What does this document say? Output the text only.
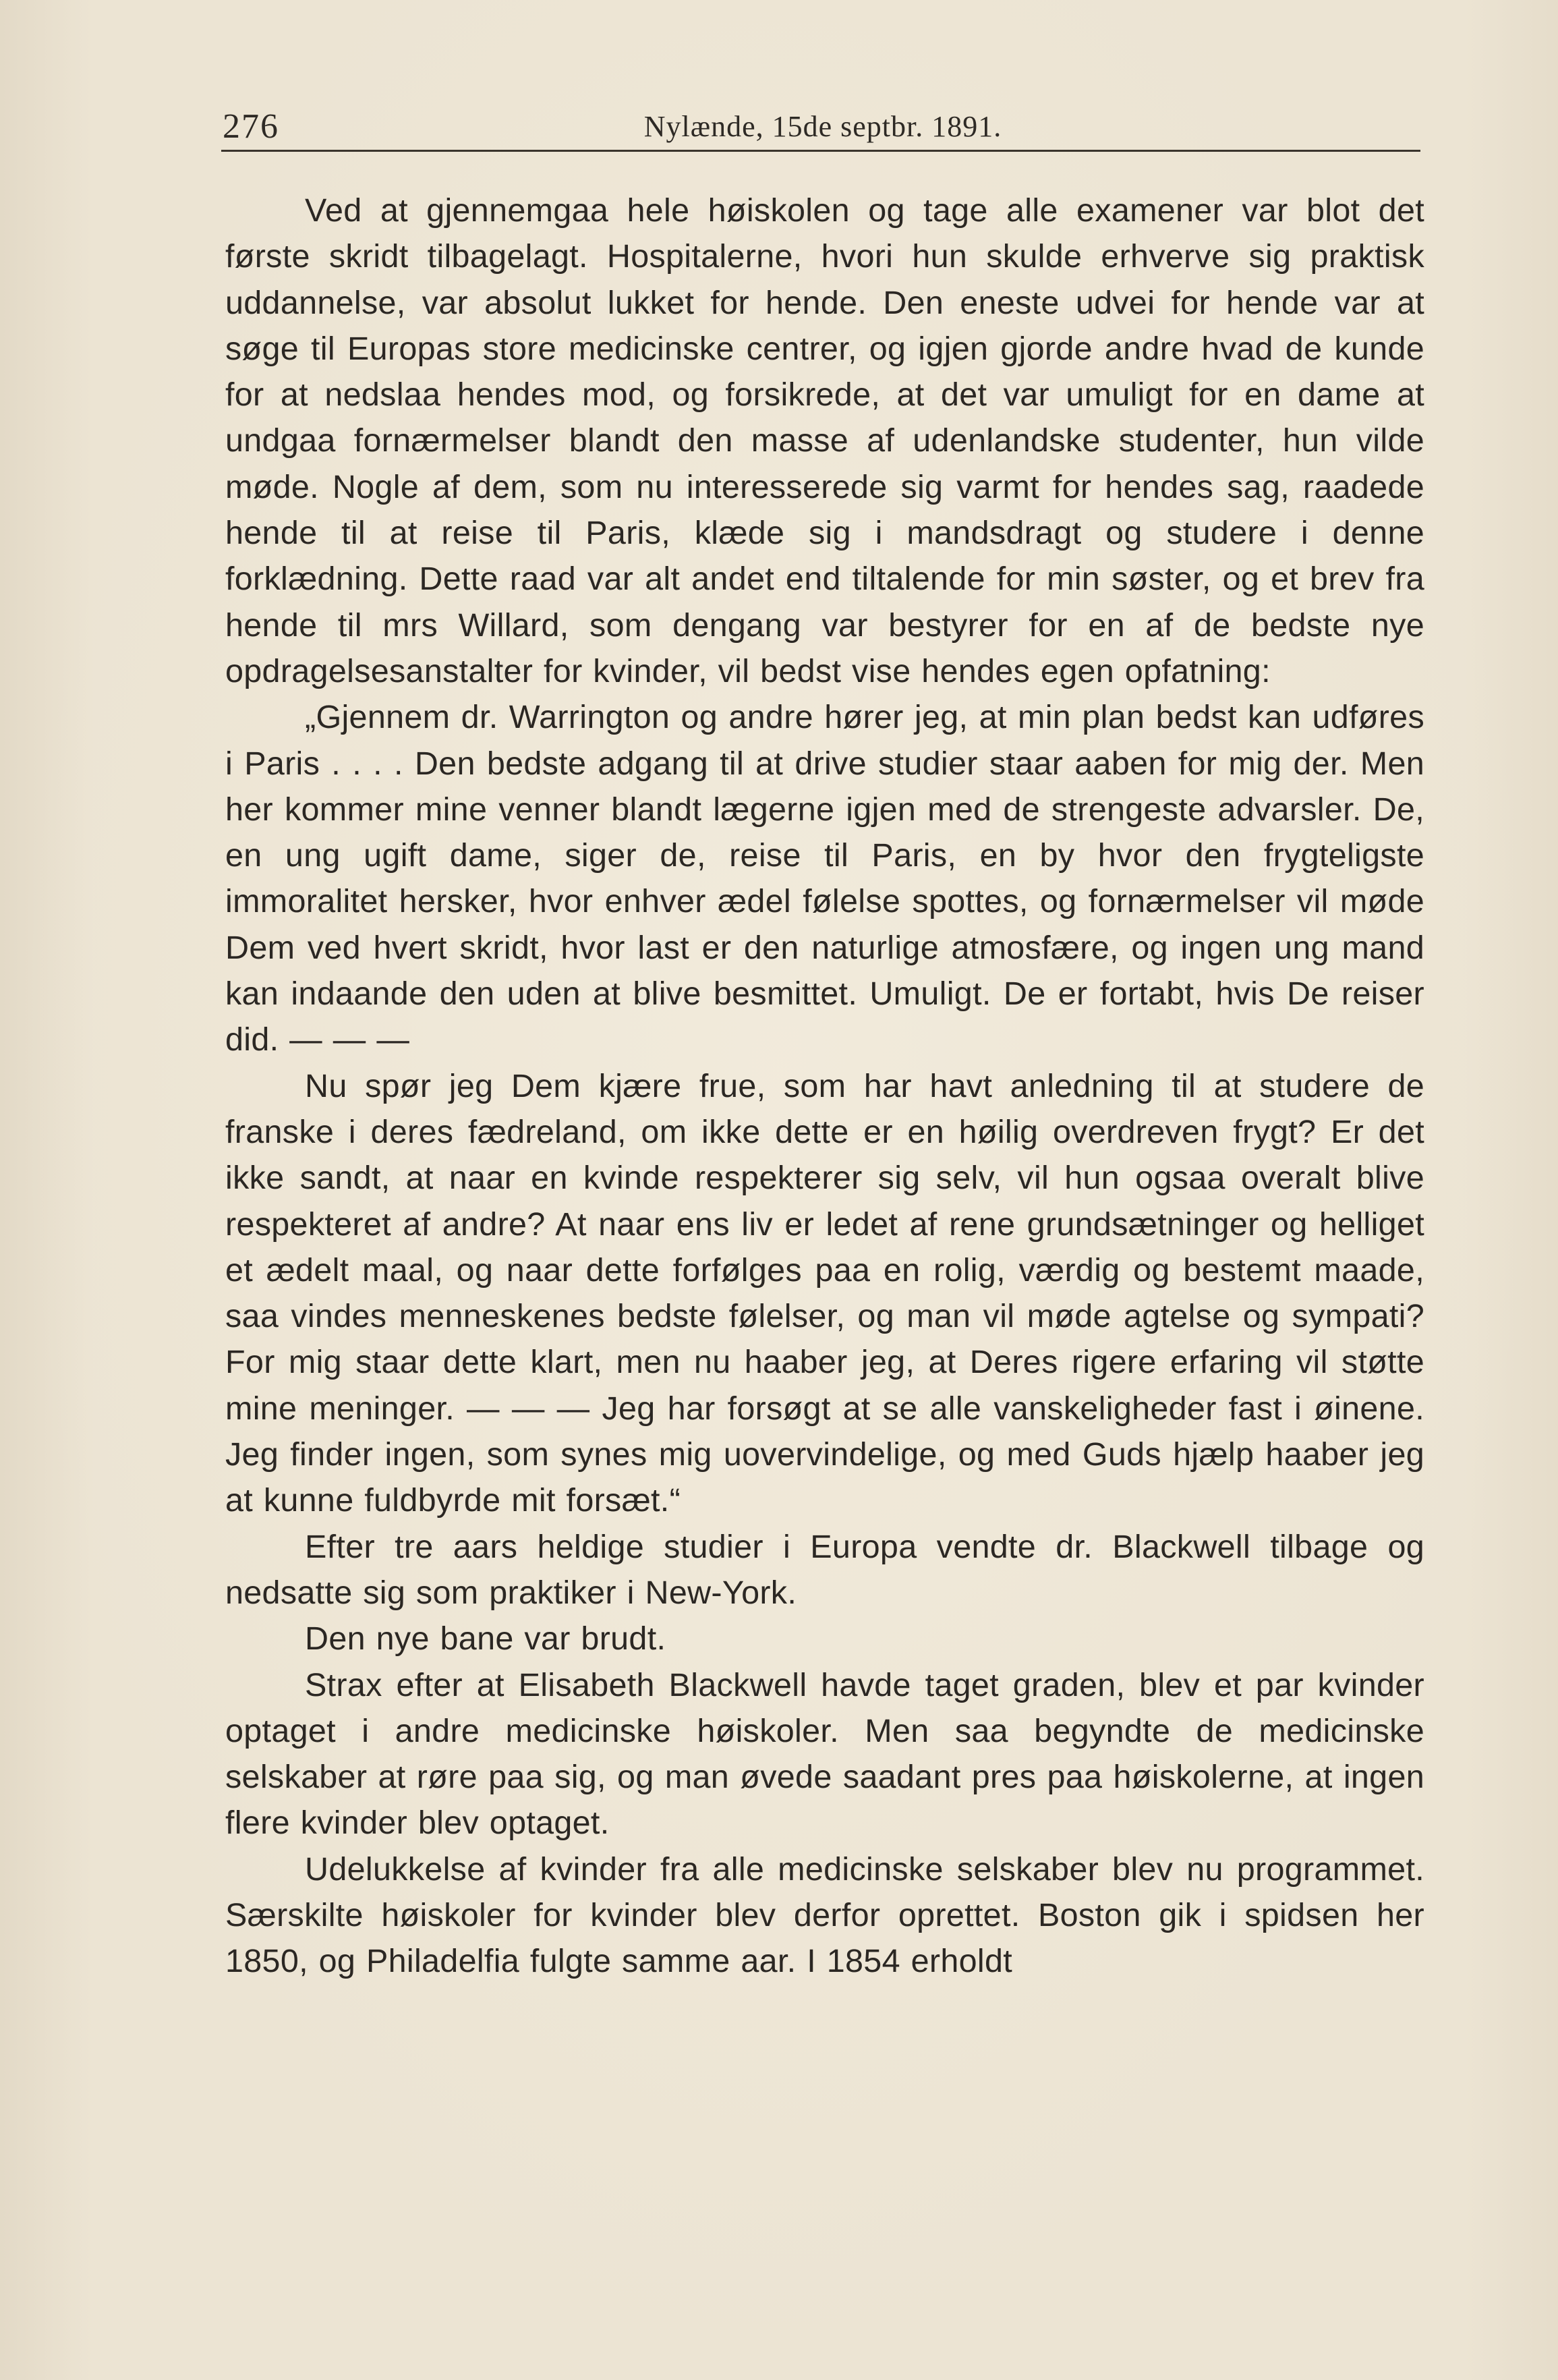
276	Nylænde, 15de septbr. 1891.

Ved at gjennemgaa hele høiskolen og tage alle examener var blot det første skridt tilbagelagt. Hospitalerne, hvori hun skulde erhverve sig praktisk uddannelse, var absolut lukket for hende. Den eneste udvei for hende var at søge til Europas store medicinske centrer, og igjen gjorde andre hvad de kunde for at nedslaa hendes mod, og forsikrede, at det var umuligt for en dame at undgaa fornærmelser blandt den masse af udenlandske studenter, hun vilde møde. Nogle af dem, som nu interesserede sig varmt for hendes sag, raadede hende til at reise til Paris, klæde sig i mandsdragt og studere i denne forklædning. Dette raad var alt andet end tiltalende for min søster, og et brev fra hende til mrs Willard, som dengang var bestyrer for en af de bedste nye opdragelsesanstalter for kvinder, vil bedst vise hendes egen opfatning:

„Gjennem dr. Warrington og andre hører jeg, at min plan bedst kan udføres i Paris . . . . Den bedste adgang til at drive studier staar aaben for mig der. Men her kommer mine venner blandt lægerne igjen med de strengeste advarsler. De, en ung ugift dame, siger de, reise til Paris, en by hvor den frygteligste immoralitet hersker, hvor enhver ædel følelse spottes, og fornærmelser vil møde Dem ved hvert skridt, hvor last er den naturlige atmosfære, og ingen ung mand kan indaande den uden at blive besmittet. Umuligt. De er fortabt, hvis De reiser did. — — —

Nu spør jeg Dem kjære frue, som har havt anledning til at studere de franske i deres fædreland, om ikke dette er en høilig overdreven frygt? Er det ikke sandt, at naar en kvinde respekterer sig selv, vil hun ogsaa overalt blive respekteret af andre? At naar ens liv er ledet af rene grundsætninger og helliget et ædelt maal, og naar dette forfølges paa en rolig, værdig og bestemt maade, saa vindes menneskenes bedste følelser, og man vil møde agtelse og sympati? For mig staar dette klart, men nu haaber jeg, at Deres rigere erfaring vil støtte mine meninger. — — — Jeg har forsøgt at se alle vanskeligheder fast i øinene. Jeg finder ingen, som synes mig uovervindelige, og med Guds hjælp haaber jeg at kunne fuldbyrde mit forsæt.“

Efter tre aars heldige studier i Europa vendte dr. Blackwell tilbage og nedsatte sig som praktiker i New-York.

Den nye bane var brudt.

Strax efter at Elisabeth Blackwell havde taget graden, blev et par kvinder optaget i andre medicinske høiskoler. Men saa begyndte de medicinske selskaber at røre paa sig, og man øvede saadant pres paa høiskolerne, at ingen flere kvinder blev optaget.

Udelukkelse af kvinder fra alle medicinske selskaber blev nu programmet. Særskilte høiskoler for kvinder blev derfor oprettet. Boston gik i spidsen her 1850, og Philadelfia fulgte samme aar. I 1854 erholdt
